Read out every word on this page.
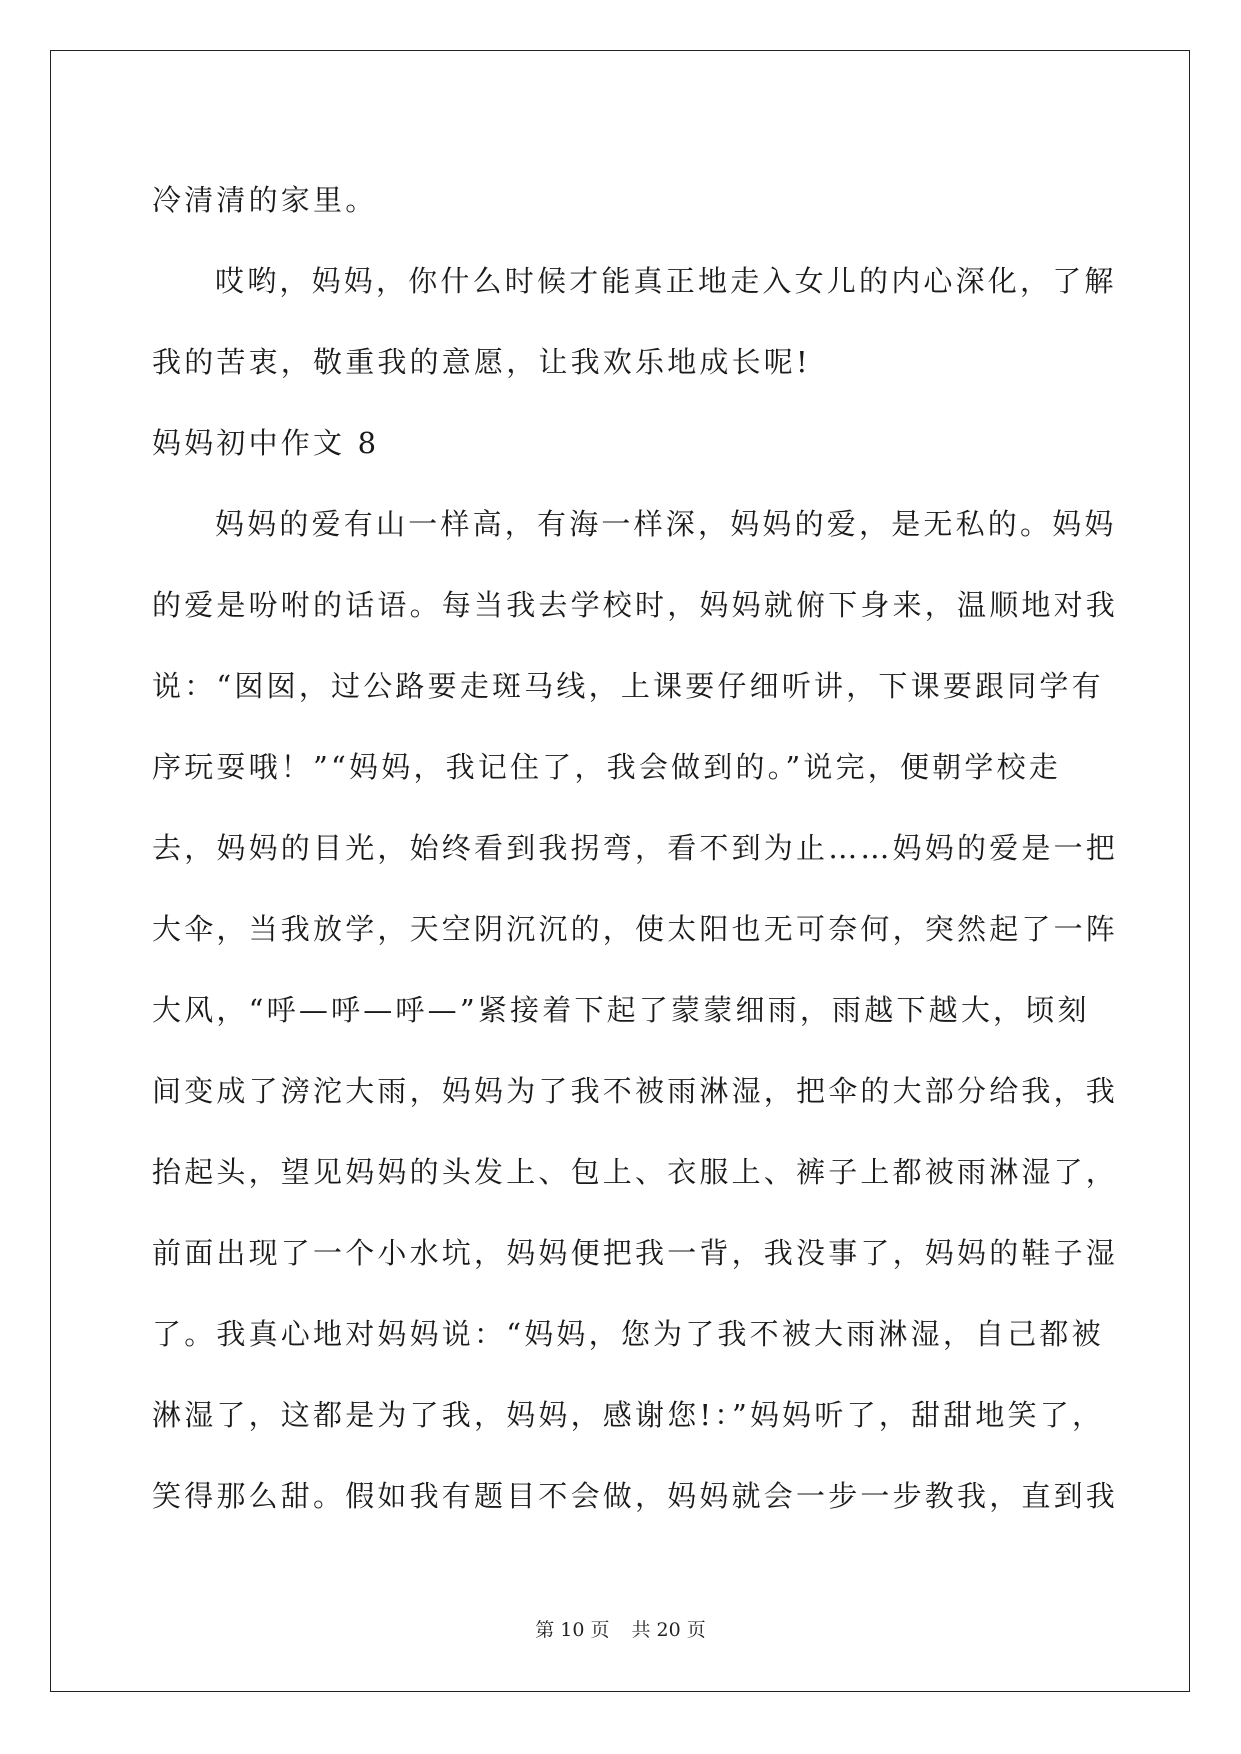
冷清清的家里。
哎哟，妈妈，你什么时候才能真正地走入女儿的内心深化，了解
我的苦衷，敬重我的意愿，让我欢乐地成长呢!
妈妈初中作文 8
妈妈的爱有山一样高，有海一样深，妈妈的爱，是无私的。妈妈
的爱是吩咐的话语。每当我去学校时，妈妈就俯下身来，温顺地对我
说：“囡囡，过公路要走斑马线，上课要仔细听讲，下课要跟同学有
序玩耍哦！”“妈妈，我记住了，我会做到的。”说完，便朝学校走
去，妈妈的目光，始终看到我拐弯，看不到为止……妈妈的爱是一把
大伞，当我放学，天空阴沉沉的，使太阳也无可奈何，突然起了一阵
大风，“呼—呼—呼—”紧接着下起了蒙蒙细雨，雨越下越大，顷刻
间变成了滂沱大雨，妈妈为了我不被雨淋湿，把伞的大部分给我，我
抬起头，望见妈妈的头发上、包上、衣服上、裤子上都被雨淋湿了，
前面出现了一个小水坑，妈妈便把我一背，我没事了，妈妈的鞋子湿
了。我真心地对妈妈说：“妈妈，您为了我不被大雨淋湿，自己都被
淋湿了，这都是为了我，妈妈，感谢您!：”妈妈听了，甜甜地笑了，
笑得那么甜。假如我有题目不会做，妈妈就会一步一步教我，直到我
第 10 页 共 20 页
